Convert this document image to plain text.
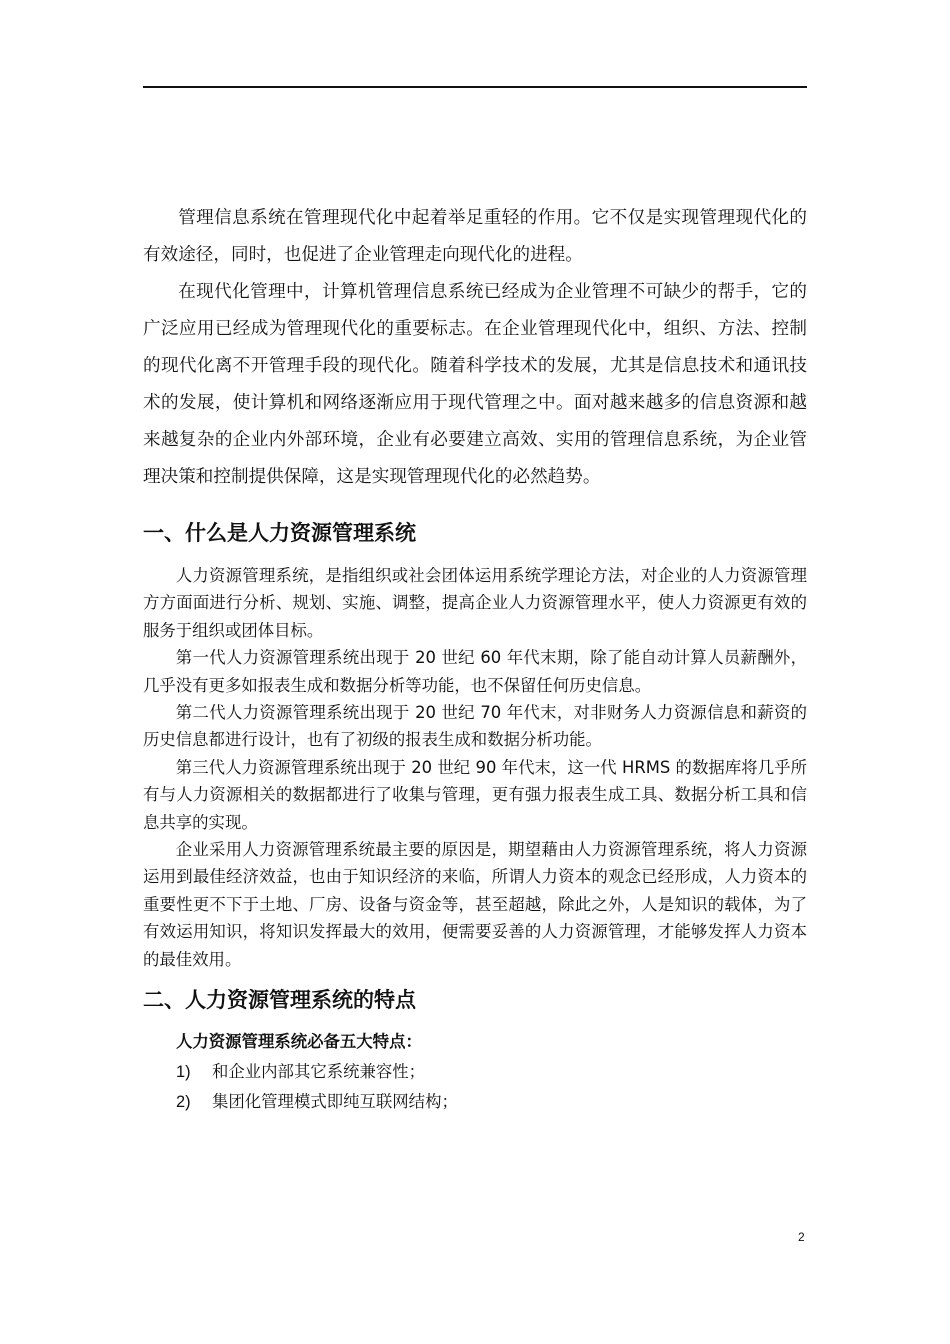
管理信息系统在管理现代化中起着举足重轻的作用。它不仅是实现管理现代化的有效途径，同时，也促进了企业管理走向现代化的进程。

在现代化管理中，计算机管理信息系统已经成为企业管理不可缺少的帮手，它的广泛应用已经成为管理现代化的重要标志。在企业管理现代化中，组织、方法、控制的现代化离不开管理手段的现代化。随着科学技术的发展，尤其是信息技术和通讯技术的发展，使计算机和网络逐渐应用于现代管理之中。面对越来越多的信息资源和越来越复杂的企业内外部环境，企业有必要建立高效、实用的管理信息系统，为企业管理决策和控制提供保障，这是实现管理现代化的必然趋势。

一、什么是人力资源管理系统

人力资源管理系统，是指组织或社会团体运用系统学理论方法，对企业的人力资源管理方方面面进行分析、规划、实施、调整，提高企业人力资源管理水平，使人力资源更有效的服务于组织或团体目标。

第一代人力资源管理系统出现于 20 世纪 60 年代末期，除了能自动计算人员薪酬外，几乎没有更多如报表生成和数据分析等功能，也不保留任何历史信息。

第二代人力资源管理系统出现于 20 世纪 70 年代末，对非财务人力资源信息和薪资的历史信息都进行设计，也有了初级的报表生成和数据分析功能。

第三代人力资源管理系统出现于 20 世纪 90 年代末，这一代 HRMS 的数据库将几乎所有与人力资源相关的数据都进行了收集与管理，更有强力报表生成工具、数据分析工具和信息共享的实现。

企业采用人力资源管理系统最主要的原因是，期望藉由人力资源管理系统，将人力资源运用到最佳经济效益，也由于知识经济的来临，所谓人力资本的观念已经形成，人力资本的重要性更不下于土地、厂房、设备与资金等，甚至超越，除此之外，人是知识的载体，为了有效运用知识，将知识发挥最大的效用，便需要妥善的人力资源管理，才能够发挥人力资本的最佳效用。

二、人力资源管理系统的特点

人力资源管理系统必备五大特点：

1)	和企业内部其它系统兼容性；
2)	集团化管理模式即纯互联网结构；
2
